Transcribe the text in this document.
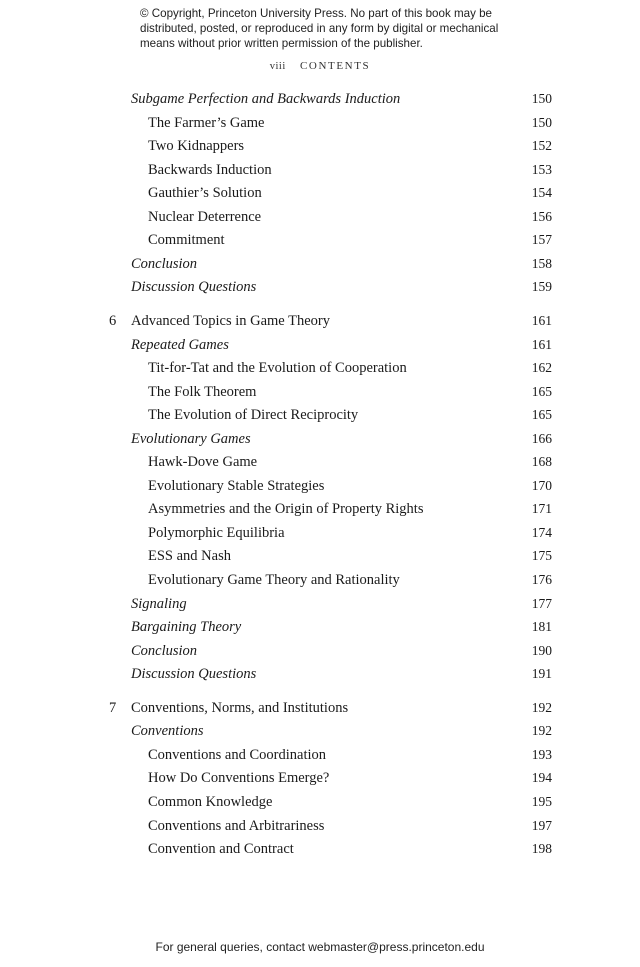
© Copyright, Princeton University Press. No part of this book may be distributed, posted, or reproduced in any form by digital or mechanical means without prior written permission of the publisher.
viii CONTENTS
Subgame Perfection and Backwards Induction	150
The Farmer’s Game	150
Two Kidnappers	152
Backwards Induction	153
Gauthier’s Solution	154
Nuclear Deterrence	156
Commitment	157
Conclusion	158
Discussion Questions	159
6	Advanced Topics in Game Theory	161
Repeated Games	161
Tit-for-Tat and the Evolution of Cooperation	162
The Folk Theorem	165
The Evolution of Direct Reciprocity	165
Evolutionary Games	166
Hawk-Dove Game	168
Evolutionary Stable Strategies	170
Asymmetries and the Origin of Property Rights	171
Polymorphic Equilibria	174
ESS and Nash	175
Evolutionary Game Theory and Rationality	176
Signaling	177
Bargaining Theory	181
Conclusion	190
Discussion Questions	191
7	Conventions, Norms, and Institutions	192
Conventions	192
Conventions and Coordination	193
How Do Conventions Emerge?	194
Common Knowledge	195
Conventions and Arbitrariness	197
Convention and Contract	198
For general queries, contact webmaster@press.princeton.edu
